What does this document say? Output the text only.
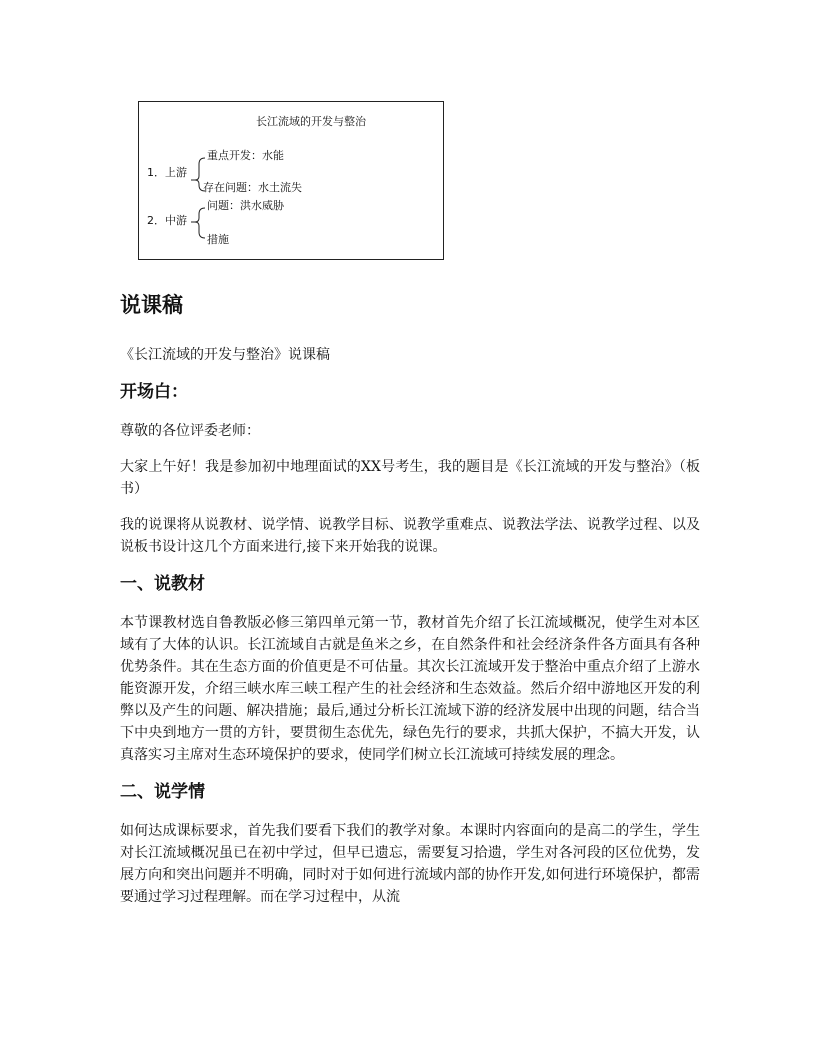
长江流域的开发与整治
1．上游
重点开发：水能
存在问题：水土流失
2．中游
问题：洪水威胁
措施
说课稿

《长江流域的开发与整治》说课稿

开场白：

尊敬的各位评委老师：

大家上午好！我是参加初中地理面试的XX号考生，我的题目是《长江流域的开发与整治》（板书）

我的说课将从说教材、说学情、说教学目标、说教学重难点、说教法学法、说教学过程、以及说板书设计这几个方面来进行,接下来开始我的说课。

一、说教材

本节课教材选自鲁教版必修三第四单元第一节，教材首先介绍了长江流域概况，使学生对本区域有了大体的认识。长江流域自古就是鱼米之乡，在自然条件和社会经济条件各方面具有各种优势条件。其在生态方面的价值更是不可估量。其次长江流域开发于整治中重点介绍了上游水能资源开发，介绍三峡水库三峡工程产生的社会经济和生态效益。然后介绍中游地区开发的利弊以及产生的问题、解决措施；最后,通过分析长江流域下游的经济发展中出现的问题，结合当下中央到地方一贯的方针，要贯彻生态优先，绿色先行的要求，共抓大保护，不搞大开发，认真落实习主席对生态环境保护的要求，使同学们树立长江流域可持续发展的理念。

二、说学情

如何达成课标要求，首先我们要看下我们的教学对象。本课时内容面向的是高二的学生，学生对长江流域概况虽已在初中学过，但早已遗忘，需要复习拾遗，学生对各河段的区位优势，发展方向和突出问题并不明确，同时对于如何进行流域内部的协作开发,如何进行环境保护，都需要通过学习过程理解。而在学习过程中，从流
